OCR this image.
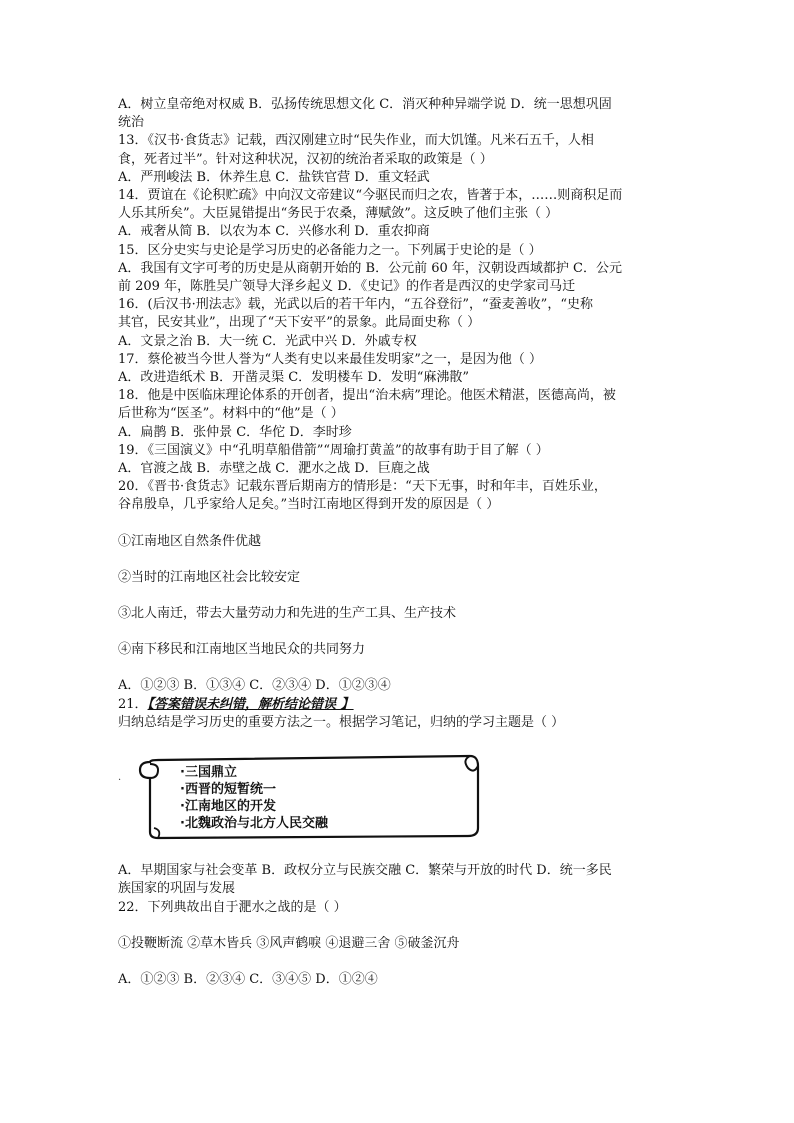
A．树立皇帝绝对权威 B．弘扬传统思想文化 C．消灭种种异端学说 D．统一思想巩固
统治
13．《汉书·食货志》记载，西汉刚建立时“民失作业，而大饥馑。凡米石五千，人相
食，死者过半”。针对这种状况，汉初的统治者采取的政策是（ ）
A．严刑峻法 B．休养生息 C．盐铁官营 D．重文轻武
14．贾谊在《论积贮疏》中向汉文帝建议“今驱民而归之农，皆著于本，……则商积足而
人乐其所矣”。大臣晁错提出“务民于农桑，薄赋敛”。这反映了他们主张（ ）
A．戒奢从简 B．以农为本 C．兴修水利 D．重农抑商
15．区分史实与史论是学习历史的必备能力之一。下列属于史论的是（ ）
A．我国有文字可考的历史是从商朝开始的 B．公元前 60 年，汉朝设西域都护 C．公元
前 209 年，陈胜吴广领导大泽乡起义 D．《史记》的作者是西汉的史学家司马迁
16．(后汉书·刑法志》载，光武以后的若干年内，“五谷登衍”，“蚕麦善收”，“史称
其官，民安其业”，出现了“天下安平”的景象。此局面史称（ ）
A．文景之治 B．大一统 C．光武中兴 D．外戚专权
17．蔡伦被当今世人誉为“人类有史以来最佳发明家”之一，是因为他（ ）
A．改进造纸术 B．开凿灵渠 C．发明楼车 D．发明“麻沸散”
18．他是中医临床理论体系的开创者，提出“治未病”理论。他医术精湛，医德高尚，被
后世称为“医圣”。材料中的“他”是（ ）
A．扁鹊 B．张仲景 C．华佗 D．李时珍
19．《三国演义》中“孔明草船借箭”“周瑜打黄盖”的故事有助于目了解（ ）
A．官渡之战 B．赤壁之战 C．淝水之战 D．巨鹿之战
20．《晋书·食货志》记载东晋后期南方的情形是：“天下无事，时和年丰，百姓乐业，
谷帛殷阜，几乎家给人足矣。”当时江南地区得到开发的原因是（ ）
①江南地区自然条件优越
②当时的江南地区社会比较安定
③北人南迁，带去大量劳动力和先进的生产工具、生产技术
④南下移民和江南地区当地民众的共同努力
A．①②③ B．①③④ C．②③④ D．①②③④
21．【答案错误未纠错，解析结论错误 】
归纳总结是学习历史的重要方法之一。根据学习笔记，归纳的学习主题是（ ）
·
·三国鼎立
·西晋的短暂统一
·江南地区的开发
·北魏政治与北方人民交融
A．早期国家与社会变革 B．政权分立与民族交融 C．繁荣与开放的时代 D．统一多民
族国家的巩固与发展
22．下列典故出自于淝水之战的是（ ）
①投鞭断流 ②草木皆兵 ③风声鹤唳 ④退避三舍 ⑤破釜沉舟
A．①②③ B．②③④ C．③④⑤ D．①②④
